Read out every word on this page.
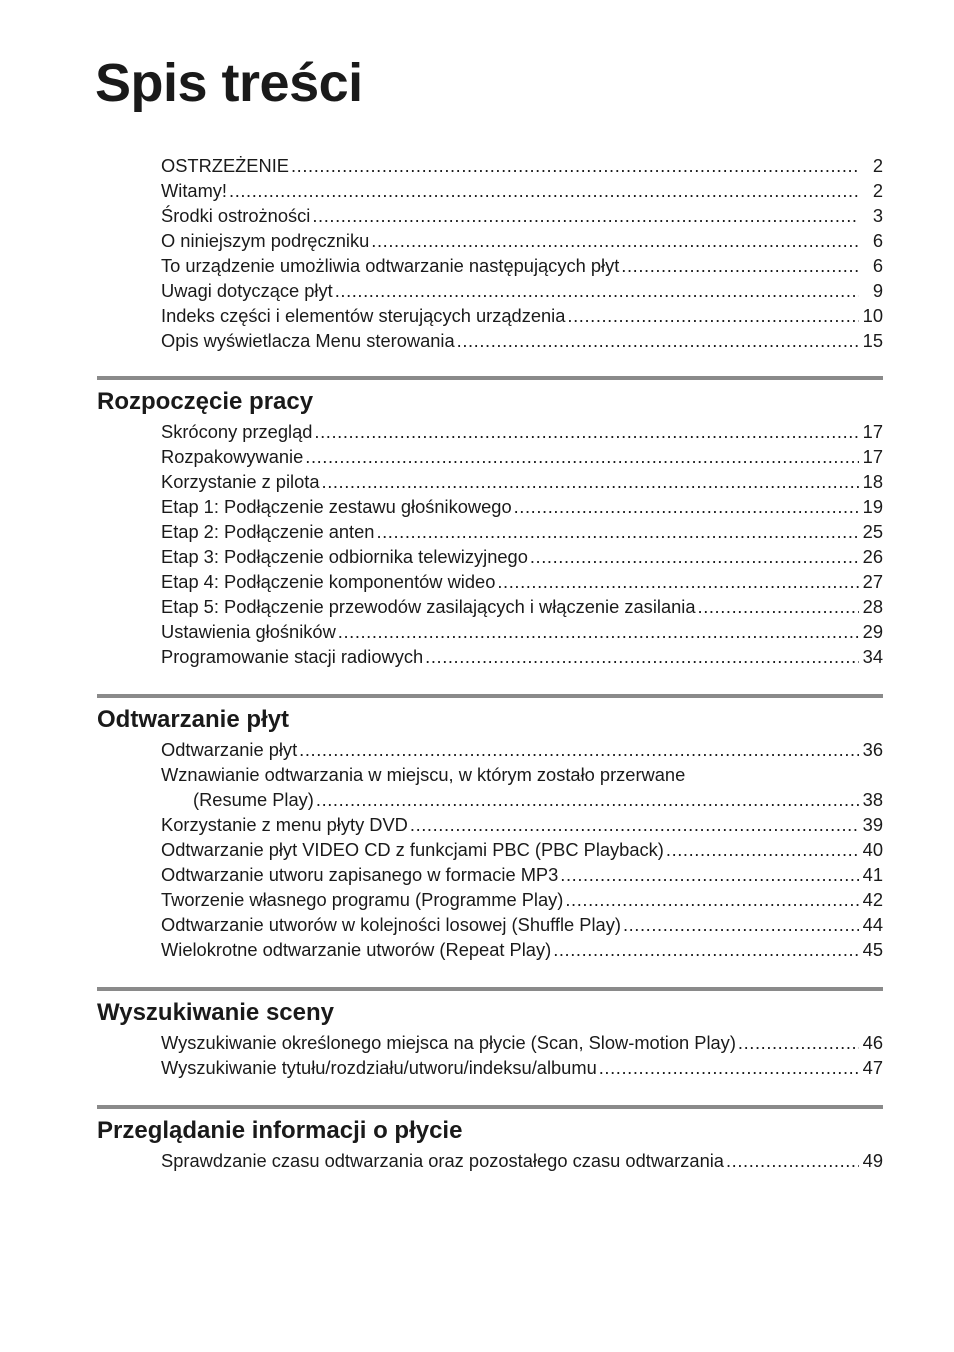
Spis treści
OSTRZEŻENIE .....	2
Witamy! .....	2
Środki ostrożności .....	3
O niniejszym podręczniku .....	6
To urządzenie umożliwia odtwarzanie następujących płyt .....	6
Uwagi dotyczące płyt .....	9
Indeks części i elementów sterujących urządzenia .....	10
Opis wyświetlacza Menu sterowania .....	15
Rozpoczęcie pracy
Skrócony przegląd .....	17
Rozpakowywanie .....	17
Korzystanie z pilota .....	18
Etap 1: Podłączenie zestawu głośnikowego .....	19
Etap 2: Podłączenie anten .....	25
Etap 3: Podłączenie odbiornika telewizyjnego .....	26
Etap 4: Podłączenie komponentów wideo .....	27
Etap 5: Podłączenie przewodów zasilających i włączenie zasilania .....	28
Ustawienia głośników .....	29
Programowanie stacji radiowych .....	34
Odtwarzanie płyt
Odtwarzanie płyt .....	36
Wznawianie odtwarzania w miejscu, w którym zostało przerwane
(Resume Play) .....	38
Korzystanie z menu płyty DVD .....	39
Odtwarzanie płyt VIDEO CD z funkcjami PBC (PBC Playback) .....	40
Odtwarzanie utworu zapisanego w formacie MP3 .....	41
Tworzenie własnego programu (Programme Play) .....	42
Odtwarzanie utworów w kolejności losowej (Shuffle Play) .....	44
Wielokrotne odtwarzanie utworów (Repeat Play) .....	45
Wyszukiwanie sceny
Wyszukiwanie określonego miejsca na płycie (Scan, Slow-motion Play) .....	46
Wyszukiwanie tytułu/rozdziału/utworu/indeksu/albumu .....	47
Przeglądanie informacji o płycie
Sprawdzanie czasu odtwarzania oraz pozostałego czasu odtwarzania .....	49
